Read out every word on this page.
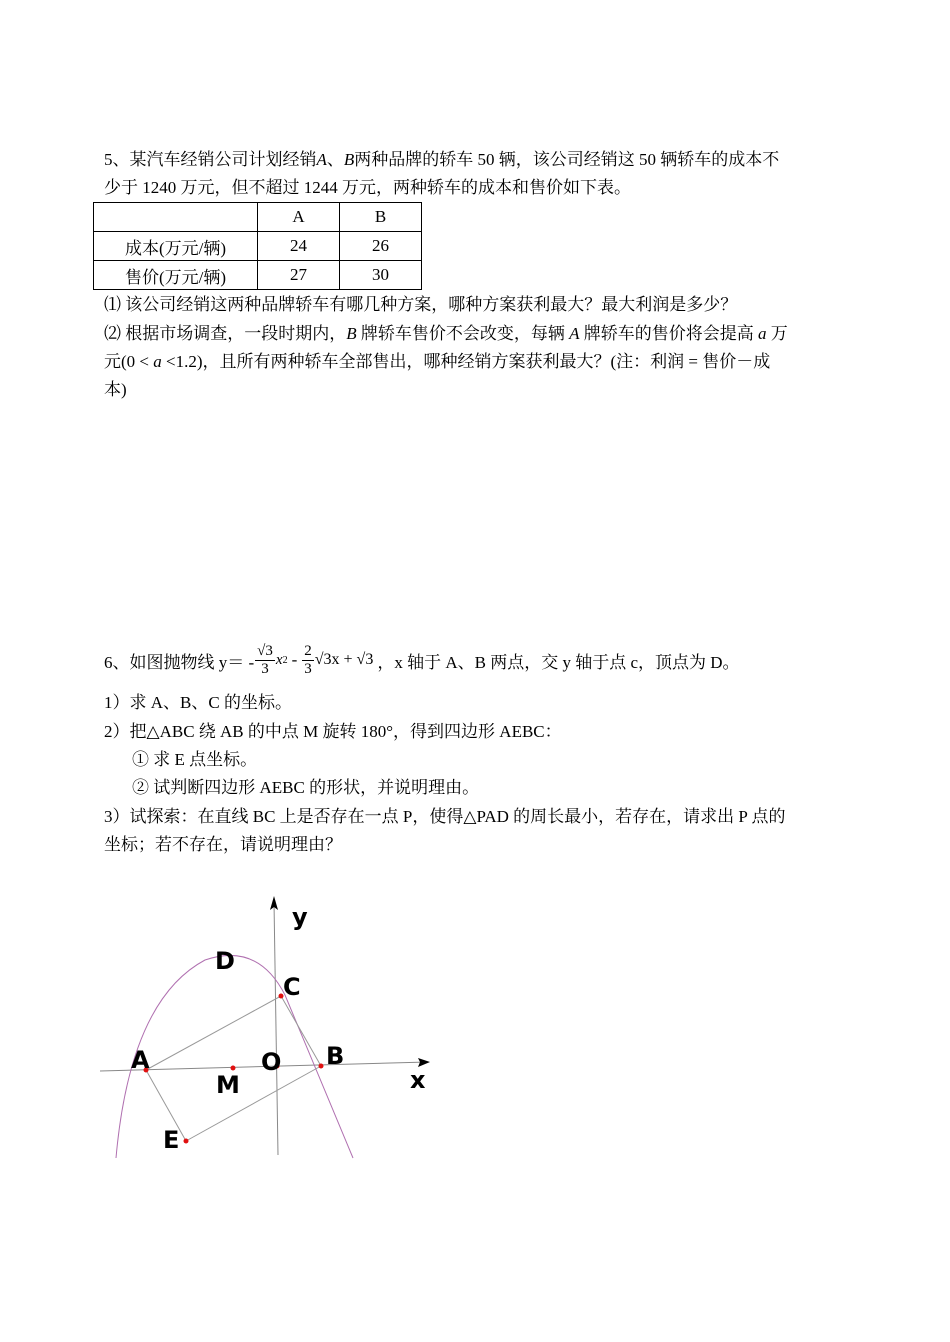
5、某汽车经销公司计划经销A、B两种品牌的轿车 50 辆，该公司经销这 50 辆轿车的成本不
少于 1240 万元，但不超过 1244 万元，两种轿车的成本和售价如下表。
	A	B
成本(万元/辆)	24	26
售价(万元/辆)	27	30
⑴ 该公司经销这两种品牌轿车有哪几种方案，哪种方案获利最大？最大利润是多少？
⑵ 根据市场调查，一段时期内，B 牌轿车售价不会改变，每辆 A 牌轿车的售价将会提高 a 万
元(0 < a <1.2)，且所有两种轿车全部售出，哪种经销方案获利最大？(注：利润 = 售价－成
本)
6、如图抛物线 $y= - \frac{√3}{3}$ x $2 - \frac{2}{3} √3x + √3$ ，x 轴于 A、B 两点，交 y 轴于点 c，顶点为 D。
1）求 A、B、C 的坐标。
2）把△ABC 绕 AB 的中点 M 旋转 180°，得到四边形 AEBC：
① 求 E 点坐标。
② 试判断四边形 AEBC 的形状，并说明理由。
3）试探索：在直线 BC 上是否存在一点 P，使得△PAD 的周长最小，若存在，请求出 P 点的
坐标；若不存在，请说明理由？
y
x
D
C
A	O B
M
E
